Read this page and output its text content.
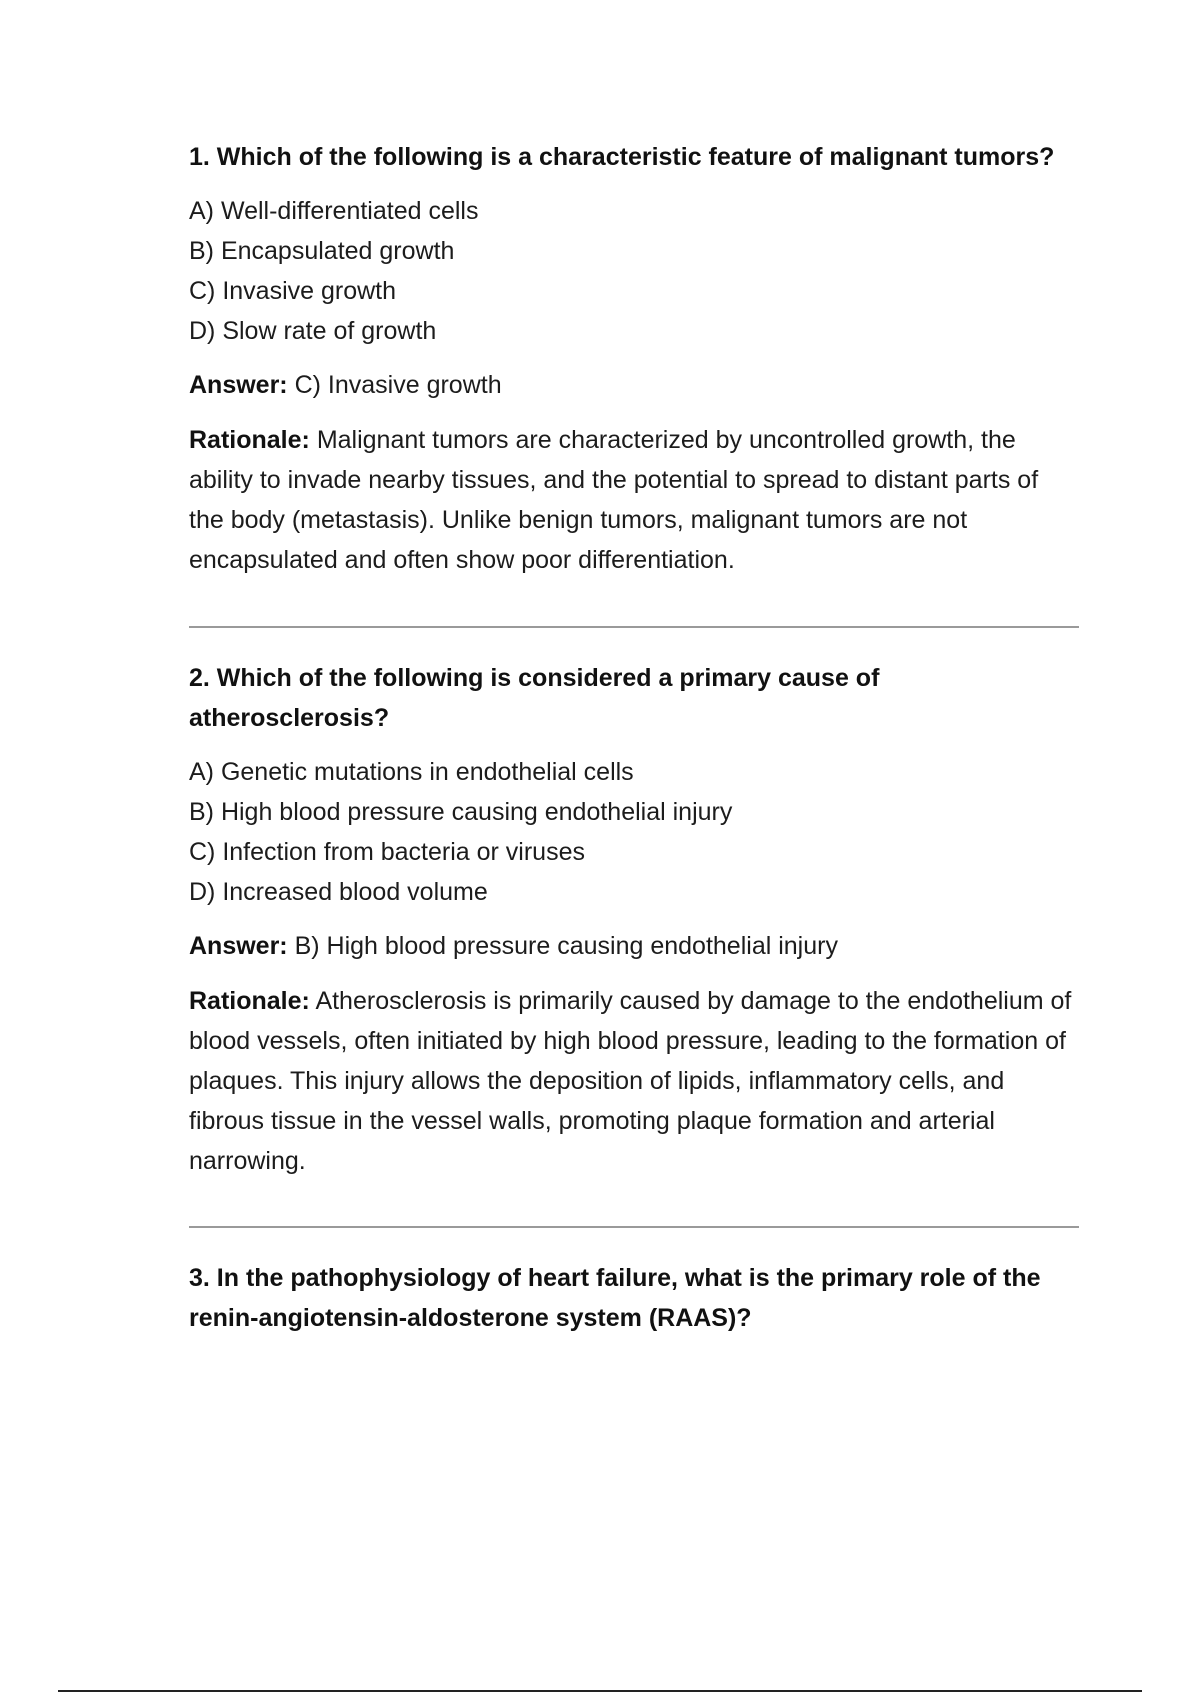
1. Which of the following is a characteristic feature of malignant tumors?
A) Well-differentiated cells
B) Encapsulated growth
C) Invasive growth
D) Slow rate of growth

Answer: C) Invasive growth

Rationale: Malignant tumors are characterized by uncontrolled growth, the ability to invade nearby tissues, and the potential to spread to distant parts of the body (metastasis). Unlike benign tumors, malignant tumors are not encapsulated and often show poor differentiation.

2. Which of the following is considered a primary cause of atherosclerosis?
A) Genetic mutations in endothelial cells
B) High blood pressure causing endothelial injury
C) Infection from bacteria or viruses
D) Increased blood volume

Answer: B) High blood pressure causing endothelial injury

Rationale: Atherosclerosis is primarily caused by damage to the endothelium of blood vessels, often initiated by high blood pressure, leading to the formation of plaques. This injury allows the deposition of lipids, inflammatory cells, and fibrous tissue in the vessel walls, promoting plaque formation and arterial narrowing.

3. In the pathophysiology of heart failure, what is the primary role of the renin-angiotensin-aldosterone system (RAAS)?
